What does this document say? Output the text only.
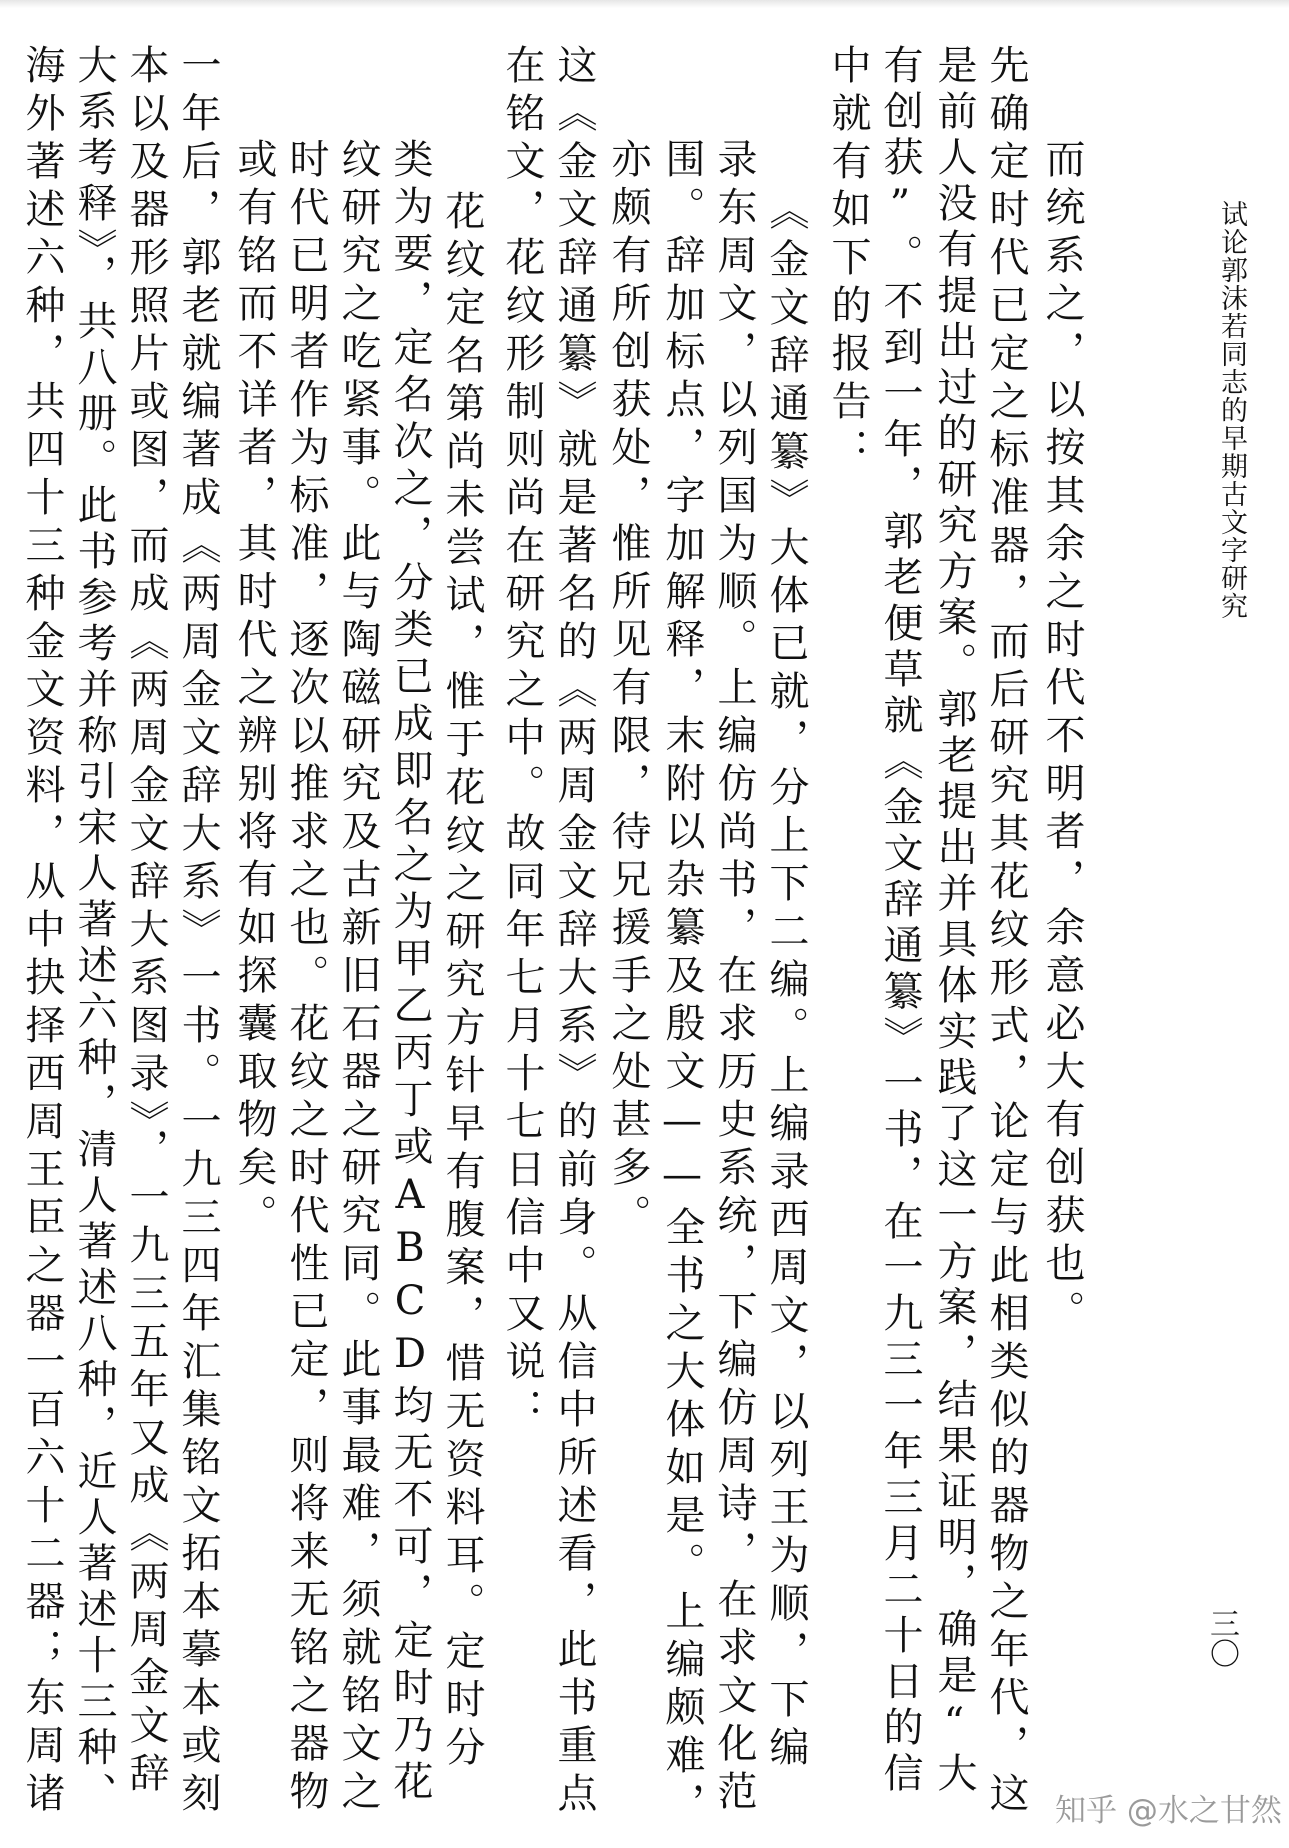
试论郭沫若同志的早期古文字研究
三〇
而统系之，以按其余之时代不明者，余意必大有创获也。
先确定时代已定之标准器，而后研究其花纹形式，论定与此相类似的器物之年代，这
是前人没有提出过的研究方案。郭老提出并具体实践了这一方案，结果证明，确是“大
有创获”。不到一年，郭老便草就《金文辞通纂》一书，在一九三一年三月二十日的信
中就有如下的报告：
《金文辞通纂》大体已就，分上下二编。上编录西周文，以列王为顺，下编
录东周文，以列国为顺。上编仿尚书，在求历史系统，下编仿周诗，在求文化范
围。辞加标点，字加解释，末附以杂纂及殷文——全书之大体如是。上编颇难，
亦颇有所创获处，惟所见有限，待兄援手之处甚多。
这《金文辞通纂》就是著名的《两周金文辞大系》的前身。从信中所述看，此书重点
在铭文，花纹形制则尚在研究之中。故同年七月十七日信中又说：
花纹定名第尚未尝试，惟于花纹之研究方针早有腹案，惜无资料耳。定时分
类为要，定名次之，分类已成即名之为甲乙丙丁或ABCD均无不可，定时乃花
纹研究之吃紧事。此与陶磁研究及古新旧石器之研究同。此事最难，须就铭文之
时代已明者作为标准，逐次以推求之也。花纹之时代性已定，则将来无铭之器物
或有铭而不详者，其时代之辨别将有如探囊取物矣。
一年后，郭老就编著成《两周金文辞大系》一书。一九三四年汇集铭文拓本摹本或刻
本以及器形照片或图，而成《两周金文辞大系图录》，一九三五年又成《两周金文辞
大系考释》，共八册。此书参考并称引宋人著述六种，清人著述八种，近人著述十三种、
海外著述六种，共四十三种金文资料，从中抉择西周王臣之器一百六十二器；东周诸	知乎 @水之甘然
